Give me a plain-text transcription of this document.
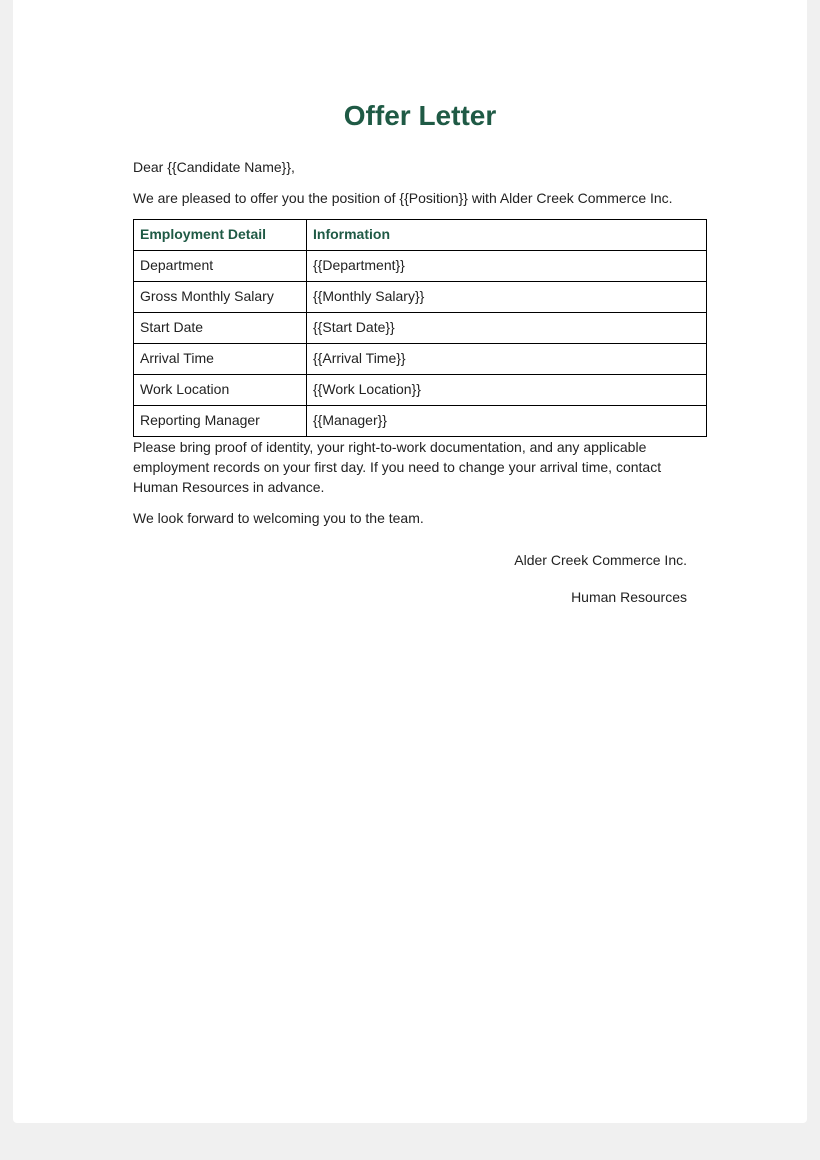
Offer Letter

Dear {{Candidate Name}},

We are pleased to offer you the position of {{Position}} with Alder Creek Commerce Inc.

Employment Detail	Information
Department	{{Department}}
Gross Monthly Salary	{{Monthly Salary}}
Start Date	{{Start Date}}
Arrival Time	{{Arrival Time}}
Work Location	{{Work Location}}
Reporting Manager	{{Manager}}

Please bring proof of identity, your right-to-work documentation, and any applicable employment records on your first day. If you need to change your arrival time, contact Human Resources in advance.

We look forward to welcoming you to the team.

Alder Creek Commerce Inc.

Human Resources
